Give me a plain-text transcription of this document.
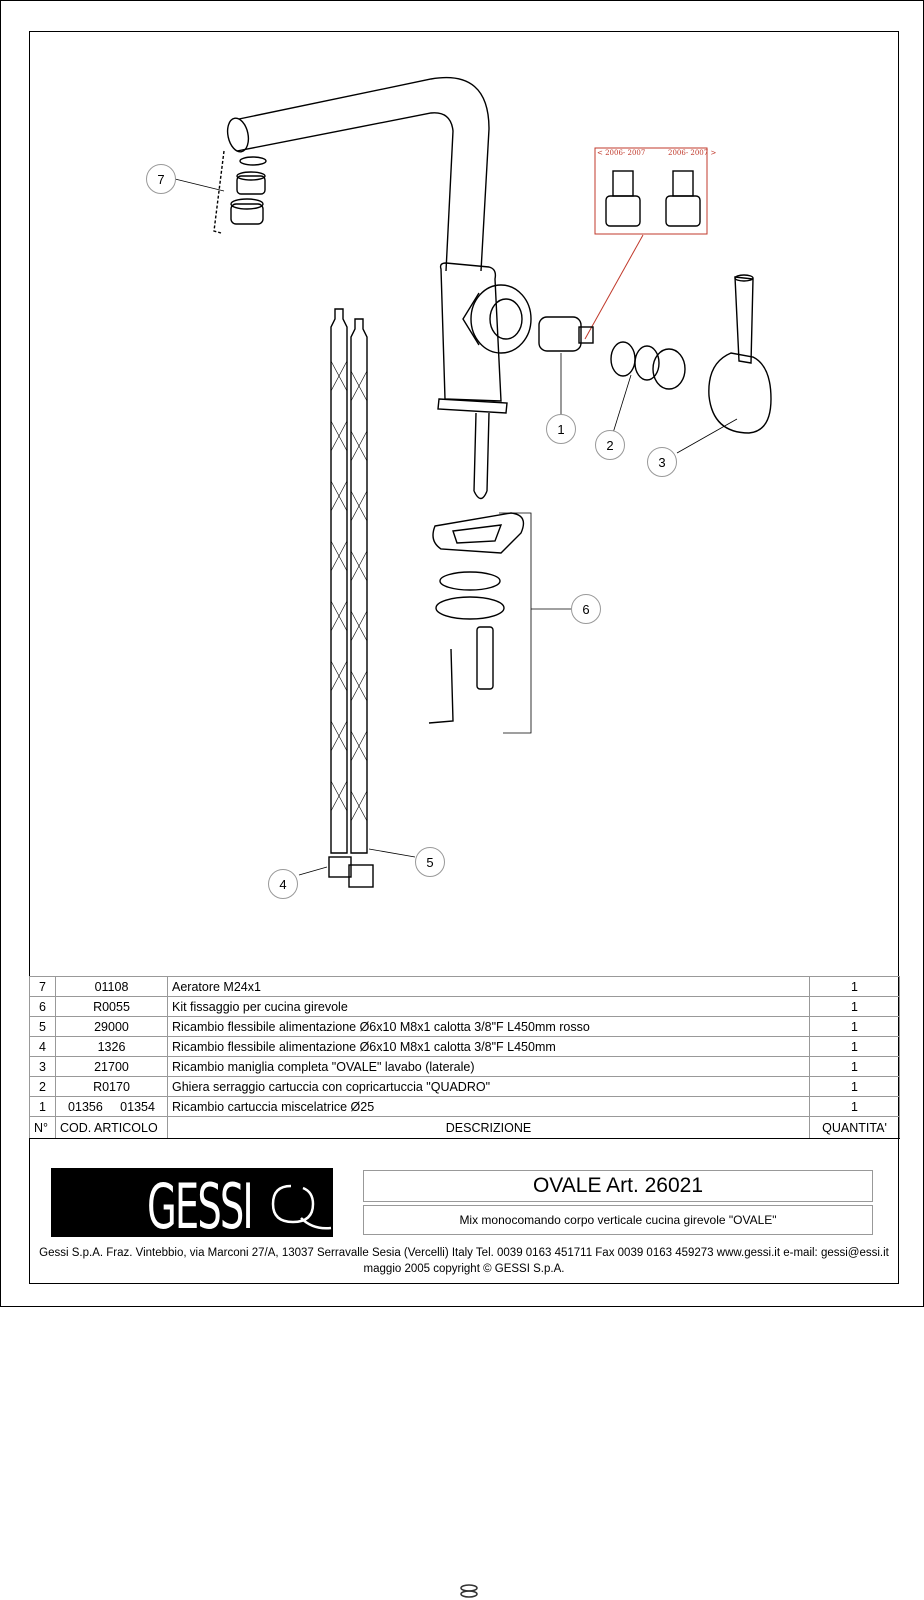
7
1
2
3
6
4
5
< 2006- 2007	2006- 2007 >
7	01108	Aeratore M24x1	1
6	R0055	Kit fissaggio per cucina girevole	1
5	29000	Ricambio flessibile alimentazione Ø6x10 M8x1 calotta 3/8"F L450mm rosso	1
4	1326	Ricambio flessibile alimentazione Ø6x10 M8x1 calotta 3/8"F L450mm	1
3	21700	Ricambio maniglia completa "OVALE" lavabo (laterale)	1
2	R0170	Ghiera serraggio cartuccia con copricartuccia "QUADRO"	1
1	01356     01354	Ricambio cartuccia miscelatrice Ø25	1
N°	COD. ARTICOLO	DESCRIZIONE	QUANTITA'
GESSI	OVALE Art. 26021
Mix monocomando corpo verticale cucina girevole "OVALE"
Gessi S.p.A. Fraz. Vintebbio, via Marconi 27/A, 13037 Serravalle Sesia (Vercelli) Italy Tel. 0039 0163 451711 Fax 0039 0163 459273 www.gessi.it e-mail: gessi@essi.it
maggio 2005 copyright © GESSI S.p.A.
